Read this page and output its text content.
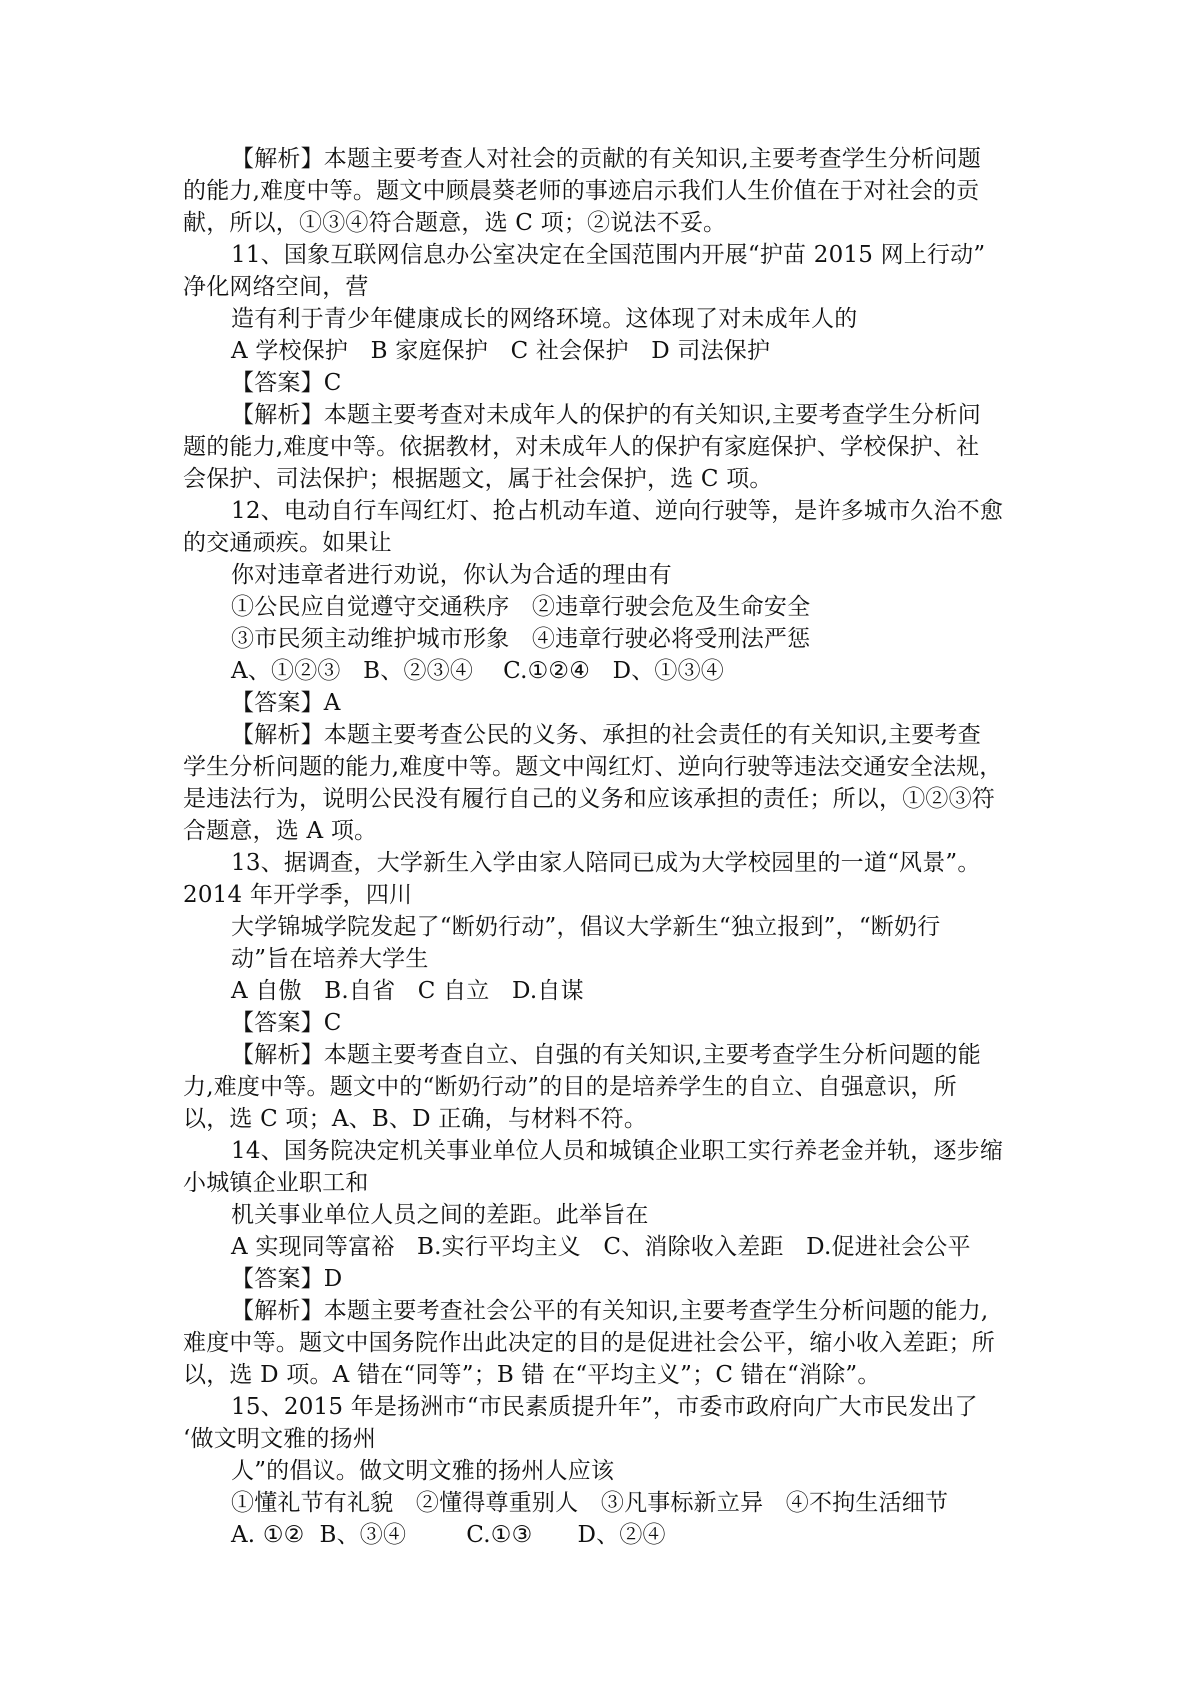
【解析】本题主要考查人对社会的贡献的有关知识,主要考查学生分析问题
的能力,难度中等。题文中顾晨葵老师的事迹启示我们人生价值在于对社会的贡
献，所以，①③④符合题意，选 C 项；②说法不妥。
11、国象互联网信息办公室决定在全国范围内开展“护苗 2015 网上行动”
净化网络空间，营
造有利于青少年健康成长的网络环境。这体现了对未成年人的
A 学校保护   B 家庭保护   C 社会保护   D 司法保护
【答案】C
【解析】本题主要考查对未成年人的保护的有关知识,主要考查学生分析问
题的能力,难度中等。依据教材，对未成年人的保护有家庭保护、学校保护、社
会保护、司法保护；根据题文，属于社会保护，选 C 项。
12、电动自行车闯红灯、抢占机动车道、逆向行驶等，是许多城市久治不愈
的交通顽疾。如果让
你对违章者进行劝说，你认为合适的理由有
①公民应自觉遵守交通秩序   ②违章行驶会危及生命安全
③市民须主动维护城市形象   ④违章行驶必将受刑法严惩
A、①②③   B、②③④    C.①②④   D、①③④
【答案】A
【解析】本题主要考查公民的义务、承担的社会责任的有关知识,主要考查
学生分析问题的能力,难度中等。题文中闯红灯、逆向行驶等违法交通安全法规，
是违法行为，说明公民没有履行自己的义务和应该承担的责任；所以，①②③符
合题意，选 A 项。
13、据调查，大学新生入学由家人陪同已成为大学校园里的一道“风景”。
2014 年开学季，四川
大学锦城学院发起了“断奶行动”，倡议大学新生“独立报到”，“断奶行
动”旨在培养大学生
A 自傲   B.自省   C 自立   D.自谋
【答案】C
【解析】本题主要考查自立、自强的有关知识,主要考查学生分析问题的能
力,难度中等。题文中的“断奶行动”的目的是培养学生的自立、自强意识，所
以，选 C 项；A、B、D 正确，与材料不符。
14、国务院决定机关事业单位人员和城镇企业职工实行养老金并轨，逐步缩
小城镇企业职工和
机关事业单位人员之间的差距。此举旨在
A 实现同等富裕   B.实行平均主义   C、消除收入差距   D.促进社会公平
【答案】D
【解析】本题主要考查社会公平的有关知识,主要考查学生分析问题的能力,
难度中等。题文中国务院作出此决定的目的是促进社会公平，缩小收入差距；所
以，选 D 项。A 错在“同等”；B 错 在“平均主义”；C 错在“消除”。
15、2015 年是扬洲市“市民素质提升年”，市委市政府向广大市民发出了
‘做文明文雅的扬州
人”的倡议。做文明文雅的扬州人应该
①懂礼节有礼貌   ②懂得尊重别人   ③凡事标新立异   ④不拘生活细节
A. ①②  B、③④        C.①③      D、②④
